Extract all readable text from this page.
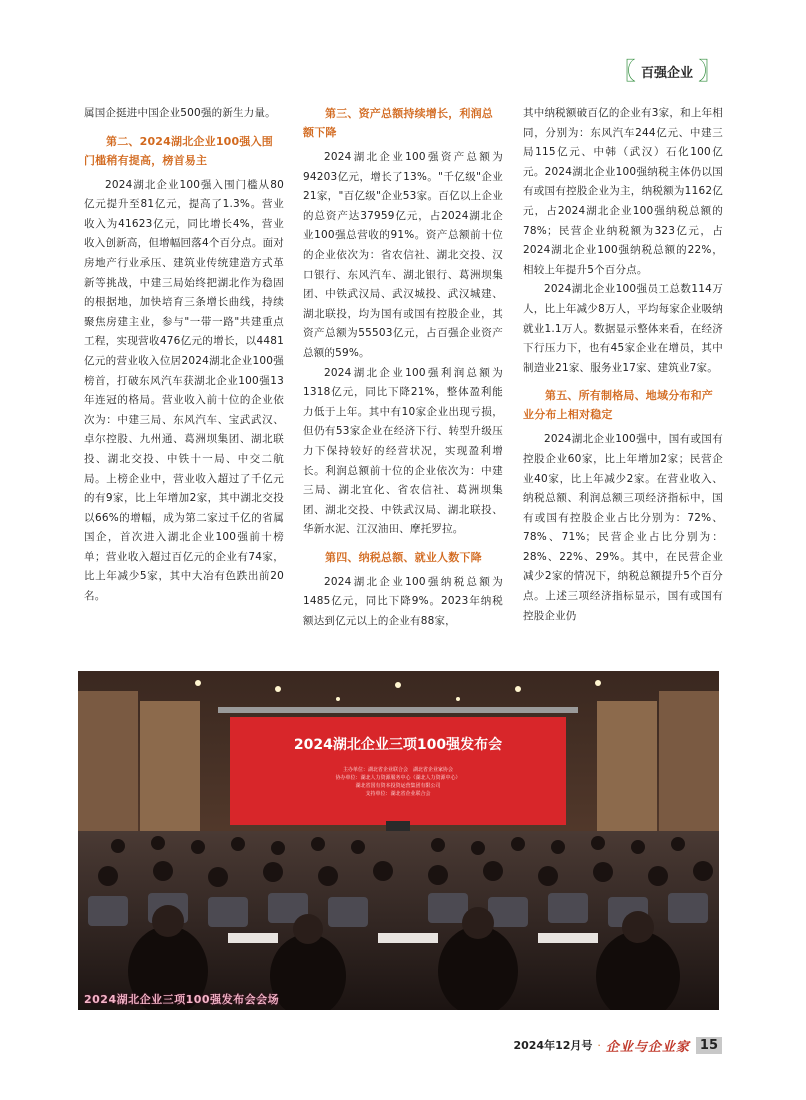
〖 百强企业 〗

属国企挺进中国企业500强的新生力量。

第二、2024湖北企业100强入围门槛稍有提高，榜首易主

2024湖北企业100强入围门槛从80亿元提升至81亿元，提高了1.3%。营业收入为41623亿元，同比增长4%，营业收入创新高，但增幅回落4个百分点。面对房地产行业承压、建筑业传统建造方式革新等挑战，中建三局始终把湖北作为稳固的根据地，加快培育三条增长曲线，持续聚焦房建主业，参与"一带一路"共建重点工程，实现营收476亿元的增长，以4481亿元的营业收入位居2024湖北企业100强榜首，打破东风汽车获湖北企业100强13年连冠的格局。营业收入前十位的企业依次为：中建三局、东风汽车、宝武武汉、卓尔控股、九州通、葛洲坝集团、湖北联投、湖北交投、中铁十一局、中交二航局。上榜企业中，营业收入超过了千亿元的有9家，比上年增加2家，其中湖北交投以66%的增幅，成为第二家过千亿的省属国企，首次进入湖北企业100强前十榜单；营业收入超过百亿元的企业有74家，比上年减少5家，其中大冶有色跌出前20名。

第三、资产总额持续增长，利润总额下降

2024湖北企业100强资产总额为94203亿元，增长了13%。"千亿级"企业21家，"百亿级"企业53家。百亿以上企业的总资产达37959亿元，占2024湖北企业100强总营收的91%。资产总额前十位的企业依次为：省农信社、湖北交投、汉口银行、东风汽车、湖北银行、葛洲坝集团、中铁武汉局、武汉城投、武汉城建、湖北联投，均为国有或国有控股企业，其资产总额为55503亿元，占百强企业资产总额的59%。

2024湖北企业100强利润总额为1318亿元，同比下降21%，整体盈利能力低于上年。其中有10家企业出现亏损，但仍有53家企业在经济下行、转型升级压力下保持较好的经营状况，实现盈利增长。利润总额前十位的企业依次为：中建三局、湖北宜化、省农信社、葛洲坝集团、湖北交投、中铁武汉局、湖北联投、华新水泥、江汉油田、摩托罗拉。

第四、纳税总额、就业人数下降

2024湖北企业100强纳税总额为1485亿元，同比下降9%。2023年纳税额达到亿元以上的企业有88家，

其中纳税额破百亿的企业有3家，和上年相同，分别为：东风汽车244亿元、中建三局115亿元、中韩（武汉）石化100亿元。2024湖北企业100强纳税主体仍以国有或国有控股企业为主，纳税额为1162亿元，占2024湖北企业100强纳税总额的78%；民营企业纳税额为323亿元，占2024湖北企业100强纳税总额的22%，相较上年提升5个百分点。

2024湖北企业100强员工总数114万人，比上年减少8万人，平均每家企业吸纳就业1.1万人。数据显示整体来看，在经济下行压力下，也有45家企业在增员，其中制造业21家、服务业17家、建筑业7家。

第五、所有制格局、地域分布和产业分布上相对稳定

2024湖北企业100强中，国有或国有控股企业60家，比上年增加2家；民营企业40家，比上年减少2家。在营业收入、纳税总额、利润总额三项经济指标中，国有或国有控股企业占比分别为：72%、78%、71%；民营企业占比分别为：28%、22%、29%。其中，在民营企业减少2家的情况下，纳税总额提升5个百分点。上述三项经济指标显示，国有或国有控股企业仍

2024湖北企业三项100强发布会
主办单位：湖北省企业联合会　湖北省企业家协会
协办单位：湖北人力资源服务中心（湖北人力资源中心）
湖北省国有资本投资运营集团有限公司
支持单位：湖北省企业联合会
2024湖北企业三项100强发布会会场
2024年12月号 · 企业与企业家 15
